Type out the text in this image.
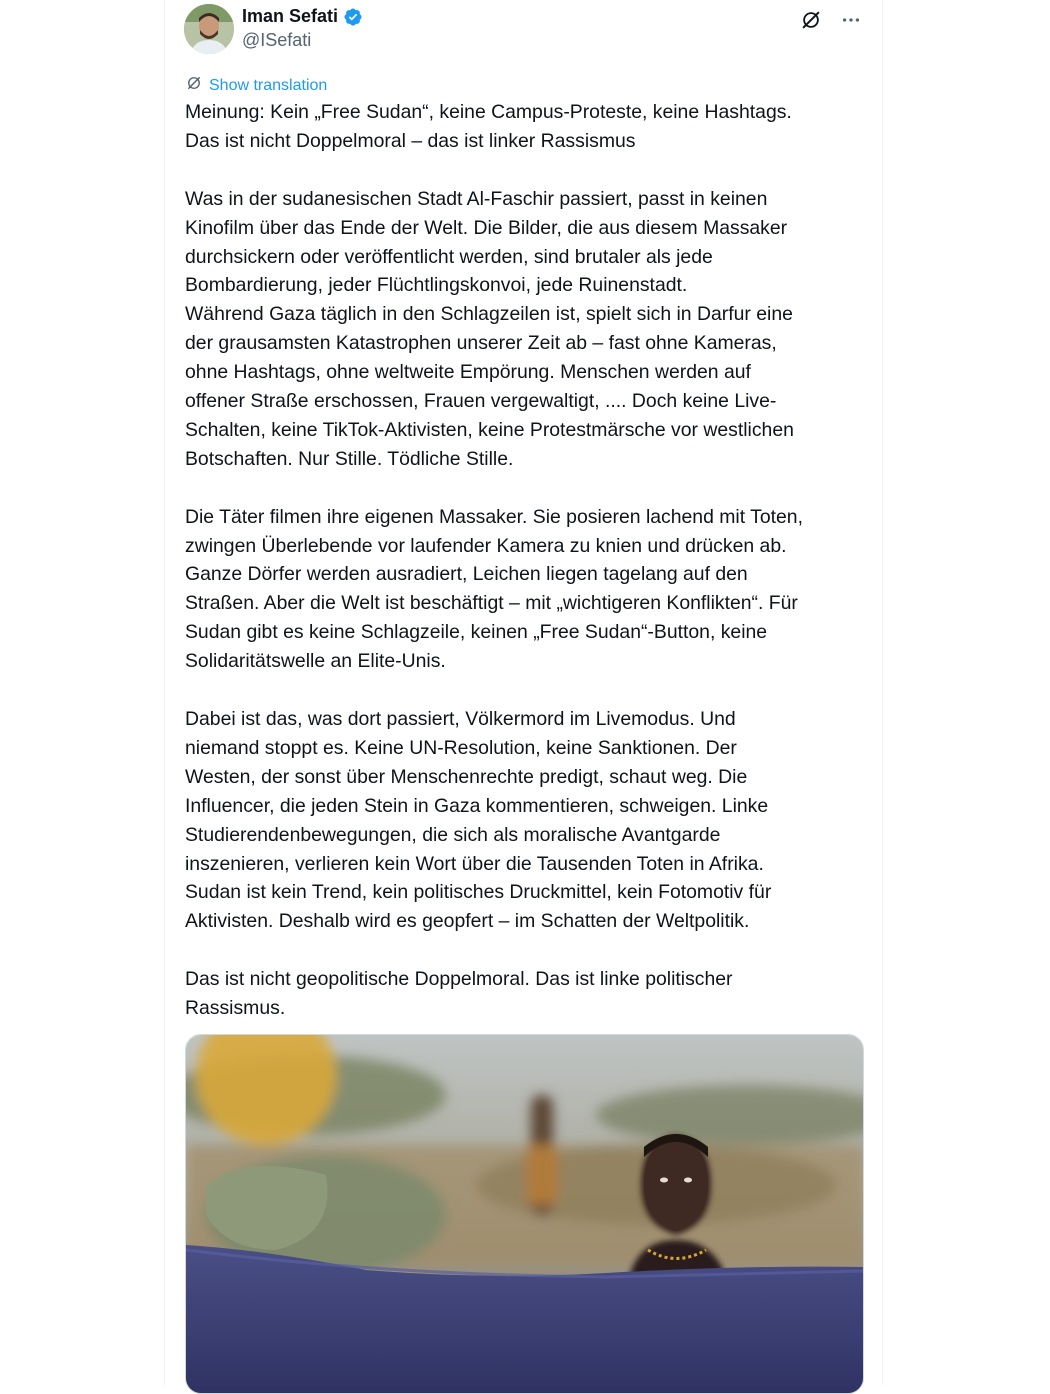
Iman Sefati
@ISefati
Show translation

Meinung: Kein „Free Sudan“, keine Campus-Proteste, keine Hashtags.
Das ist nicht Doppelmoral – das ist linker Rassismus

Was in der sudanesischen Stadt Al-Faschir passiert, passt in keinen
Kinofilm über das Ende der Welt. Die Bilder, die aus diesem Massaker
durchsickern oder veröffentlicht werden, sind brutaler als jede
Bombardierung, jeder Flüchtlingskonvoi, jede Ruinenstadt.
Während Gaza täglich in den Schlagzeilen ist, spielt sich in Darfur eine
der grausamsten Katastrophen unserer Zeit ab – fast ohne Kameras,
ohne Hashtags, ohne weltweite Empörung. Menschen werden auf
offener Straße erschossen, Frauen vergewaltigt, .... Doch keine Live-
Schalten, keine TikTok-Aktivisten, keine Protestmärsche vor westlichen
Botschaften. Nur Stille. Tödliche Stille.

Die Täter filmen ihre eigenen Massaker. Sie posieren lachend mit Toten,
zwingen Überlebende vor laufender Kamera zu knien und drücken ab.
Ganze Dörfer werden ausradiert, Leichen liegen tagelang auf den
Straßen. Aber die Welt ist beschäftigt – mit „wichtigeren Konflikten“. Für
Sudan gibt es keine Schlagzeile, keinen „Free Sudan“-Button, keine
Solidaritätswelle an Elite-Unis.

Dabei ist das, was dort passiert, Völkermord im Livemodus. Und
niemand stoppt es. Keine UN-Resolution, keine Sanktionen. Der
Westen, der sonst über Menschenrechte predigt, schaut weg. Die
Influencer, die jeden Stein in Gaza kommentieren, schweigen. Linke
Studierendenbewegungen, die sich als moralische Avantgarde
inszenieren, verlieren kein Wort über die Tausenden Toten in Afrika.
Sudan ist kein Trend, kein politisches Druckmittel, kein Fotomotiv für
Aktivisten. Deshalb wird es geopfert – im Schatten der Weltpolitik.

Das ist nicht geopolitische Doppelmoral. Das ist linke politischer
Rassismus.
